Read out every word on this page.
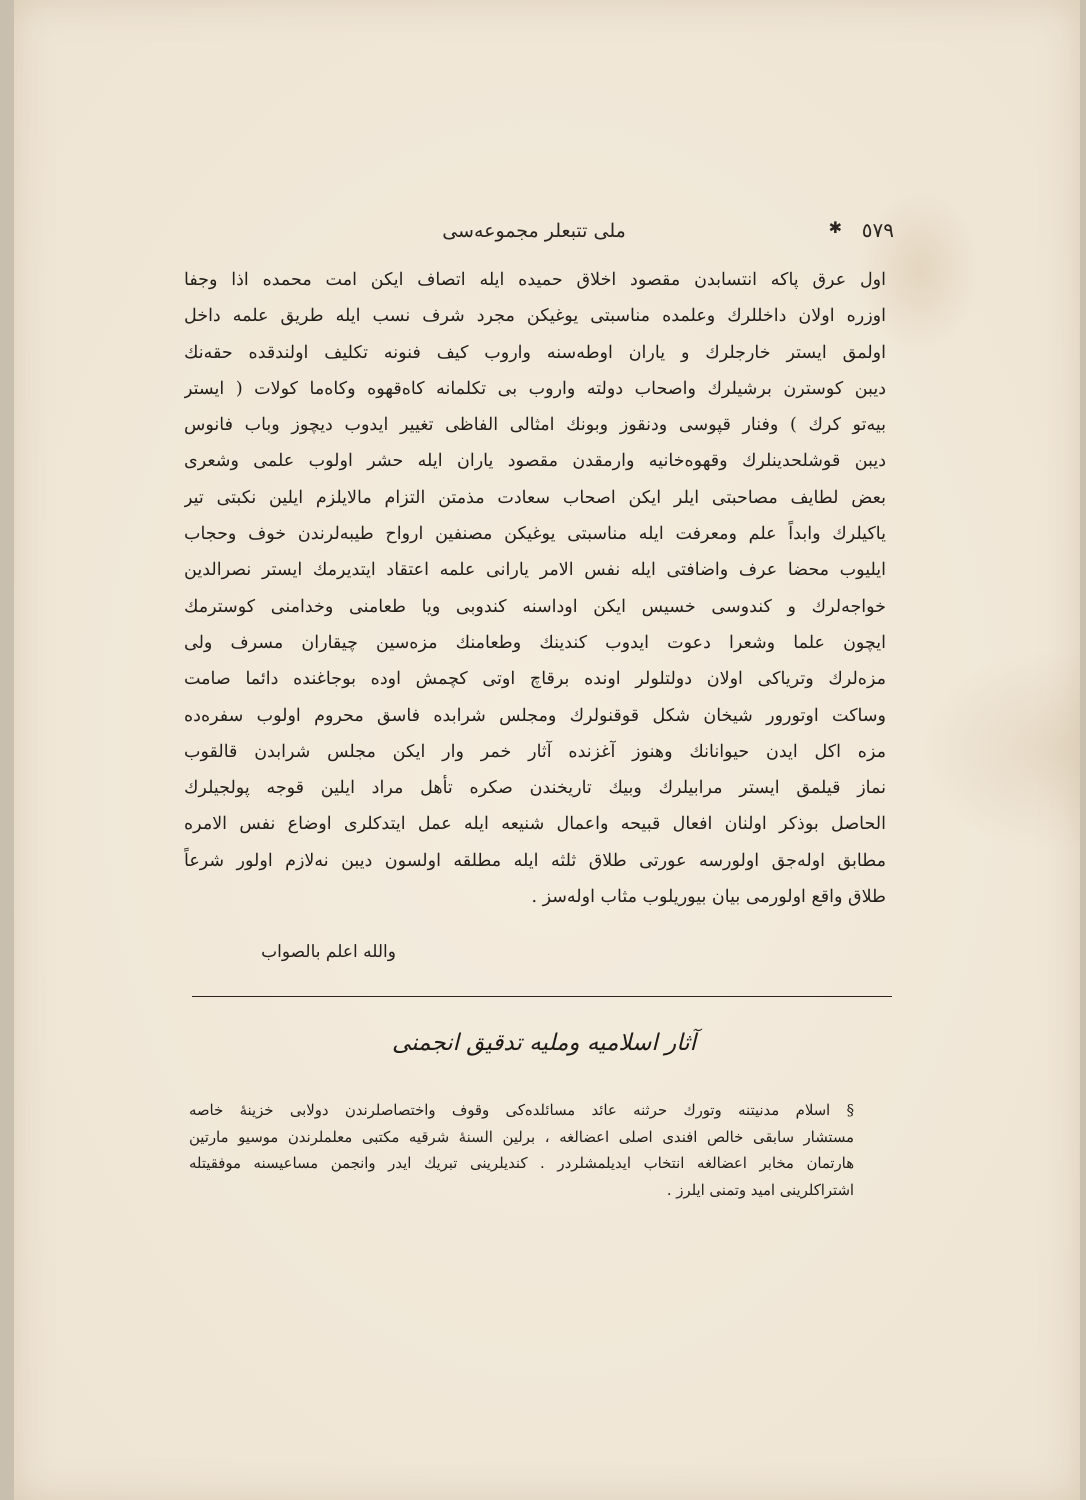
٥٧٩
✱
ملی تتبعلر مجموعه‌سی
اول عرق پاکه انتسابدن مقصود اخلاق حمیده ایله اتصاف ایکن امت محمده اذا وجفا
اوزره اولان داخللرك وعلمده مناسبتی یوغیکن مجرد شرف نسب ایله طریق علمه داخل
اولمق ایستر خارجلرك و یاران اوطه‌سنه واروب کیف فنونه تکلیف اولندقده حقه‌نك
دیبن کوسترن برشیلرك واصحاب دولته واروب بی تکلمانه کاه‌قهوه وکاه‌ما کولات ( ایستر
بیه‌تو کرك ) وفنار قپوسی ودنقوز وبونك امثالی الفاظی تغییر ایدوب دیچوز وباب فانوس
دیبن قوشلحدینلرك وقهوه‌خانیه وارمقدن مقصود یاران ایله حشر اولوب علمی وشعری
بعض لطایف مصاحبتی ایلر ایکن اصحاب سعادت مذمتن التزام مالایلزم ایلین نکبتی تیر
یاکیلرك وابداً علم ومعرفت ایله مناسبتی یوغیکن مصنفین ارواح طیبه‌لرندن خوف وحجاب
ایلیوب محضا عرف واضافتی ایله نفس الامر یارانی علمه اعتقاد ایتدیرمك ایستر نصرالدین
خواجه‌لرك و کندوسی خسیس ایکن اوداسنه کندوبی ویا طعامنی وخدامنی کوسترمك
ایچون علما وشعرا دعوت ایدوب کندینك وطعامنك مزه‌سین چیقاران مسرف ولی
مزه‌لرك وتریاکی اولان دولتلولر اونده برقاچ اوتی کچمش اوده بوجاغنده دائما صامت
وساکت اوتورور شیخان شکل قوقنولرك ومجلس شرابده فاسق محروم اولوب سفره‌ده
مزه اکل ایدن حیوانانك وهنوز آغزنده آثار خمر وار ایکن مجلس شرابدن قالقوب
نماز قیلمق ایستر مرابیلرك وبیك تاریخندن صکره تأهل مراد ایلین قوجه پولجیلرك
الحاصل بوذکر اولنان افعال قبیحه واعمال شنیعه ایله عمل ایتدکلری اوضاع نفس الامره
مطابق اوله‌جق اولورسه عورتی طلاق ثلثه ایله مطلقه اولسون دیبن نه‌لازم اولور شرعاً
طلاق واقع اولورمی بیان بیوریلوب مثاب اوله‌سز .
والله اعلم بالصواب
آثار اسلامیه وملیه تدقیق انجمنی
§ اسلام مدنیتنه وتورك حرثنه عائد مسائلده‌کی وقوف واختصاصلرندن دولابی خزینهٔ خاصه
مستشار سابقی خالص افندی اصلی اعضالغه ، برلین السنهٔ شرقیه مکتبی معلملرندن موسیو مارتین
هارتمان مخابر اعضالغه انتخاب ایدیلمشلردر . کندیلرینی تبریك ایدر وانجمن مساعیسنه موفقیتله
اشتراکلرینی امید وتمنی ایلرز .
